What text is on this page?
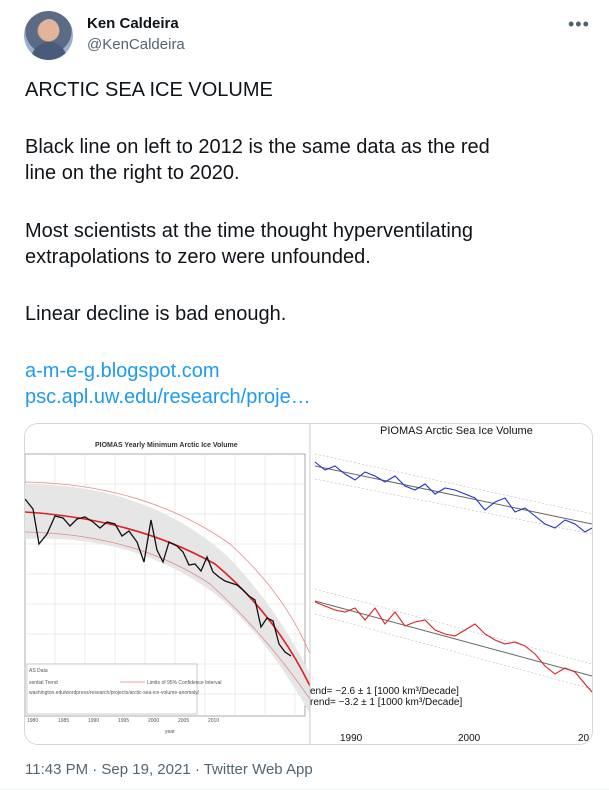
Ken Caldeira
@KenCaldeira
•••
ARCTIC SEA ICE VOLUME
Black line on left to 2012 is the same data as the red
line on the right to 2020.
Most scientists at the time thought hyperventilating
extrapolations to zero were unfounded.
Linear decline is bad enough.
a-m-e-g.blogspot.com
psc.apl.uw.edu/research/proje…
PIOMAS Yearly Minimum Arctic Ice Volume
1980	1985	1990	1995	2000	2005	2010
year
AS Data
xential Trend	Limits of 95% Confidence Interval
washington.edu/wordpress/research/projects/arctic-sea-ice-volume-anomaly/
PIOMAS Arctic Sea Ice Volume
end= −2.6 ± 1 [1000 km³/Decade]
rend= −3.2 ± 1 [1000 km³/Decade]
1990	2000	20
11:43 PM · Sep 19, 2021 · Twitter Web App
